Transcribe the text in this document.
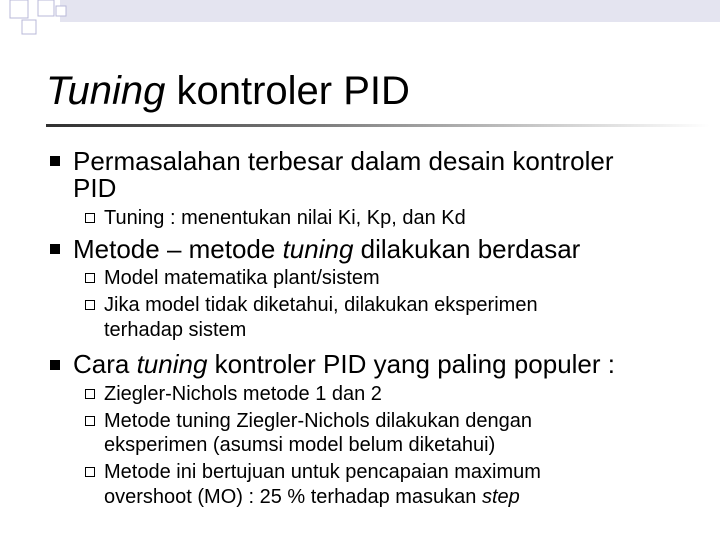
Tuning kontroler PID
Permasalahan terbesar dalam desain kontroler
PID
Tuning : menentukan nilai Ki, Kp, dan Kd
Metode – metode tuning dilakukan berdasar
Model matematika plant/sistem
Jika model tidak diketahui, dilakukan eksperimen
terhadap sistem
Cara tuning kontroler PID yang paling populer :
Ziegler-Nichols metode 1 dan 2
Metode tuning Ziegler-Nichols dilakukan dengan
eksperimen (asumsi model belum diketahui)
Metode ini bertujuan untuk pencapaian maximum
overshoot (MO) : 25 % terhadap masukan step
